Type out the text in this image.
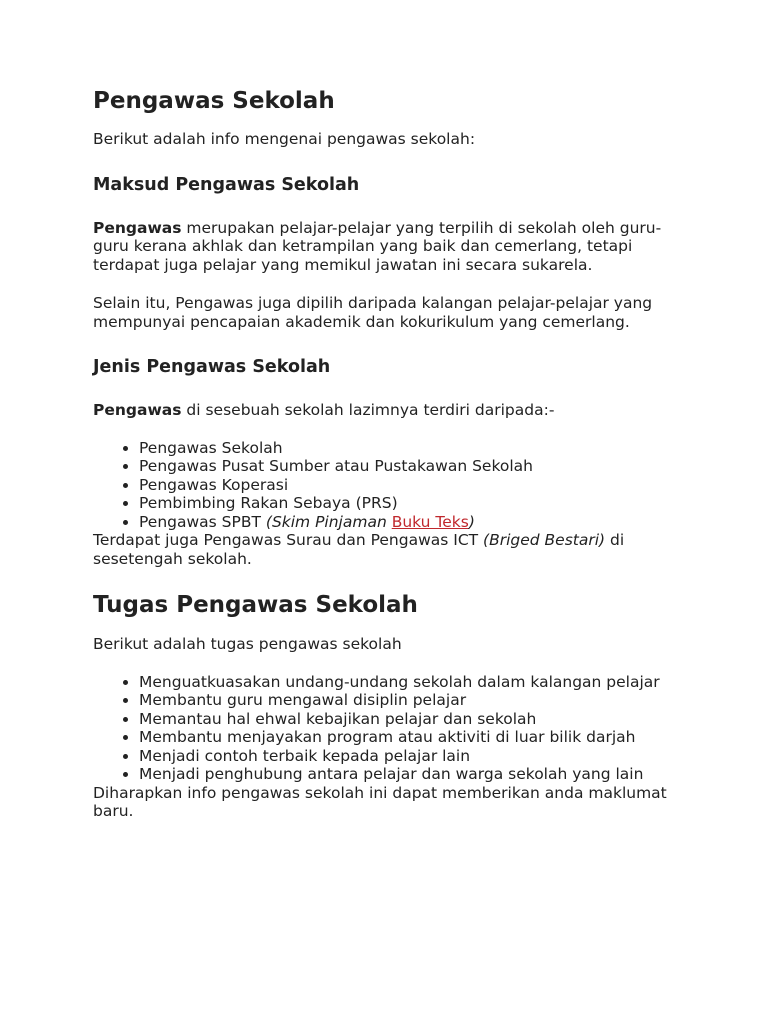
Pengawas Sekolah

Berikut adalah info mengenai pengawas sekolah:

Maksud Pengawas Sekolah

Pengawas merupakan pelajar-pelajar yang terpilih di sekolah oleh guru-guru kerana akhlak dan ketrampilan yang baik dan cemerlang, tetapi terdapat juga pelajar yang memikul jawatan ini secara sukarela.

Selain itu, Pengawas juga dipilih daripada kalangan pelajar-pelajar yang mempunyai pencapaian akademik dan kokurikulum yang cemerlang.

Jenis Pengawas Sekolah

Pengawas di sesebuah sekolah lazimnya terdiri daripada:-

• Pengawas Sekolah
• Pengawas Pusat Sumber atau Pustakawan Sekolah
• Pengawas Koperasi
• Pembimbing Rakan Sebaya (PRS)
• Pengawas SPBT (Skim Pinjaman Buku Teks)

Terdapat juga Pengawas Surau dan Pengawas ICT (Briged Bestari) di sesetengah sekolah.

Tugas Pengawas Sekolah

Berikut adalah tugas pengawas sekolah

• Menguatkuasakan undang-undang sekolah dalam kalangan pelajar
• Membantu guru mengawal disiplin pelajar
• Memantau hal ehwal kebajikan pelajar dan sekolah
• Membantu menjayakan program atau aktiviti di luar bilik darjah
• Menjadi contoh terbaik kepada pelajar lain
• Menjadi penghubung antara pelajar dan warga sekolah yang lain

Diharapkan info pengawas sekolah ini dapat memberikan anda maklumat baru.
